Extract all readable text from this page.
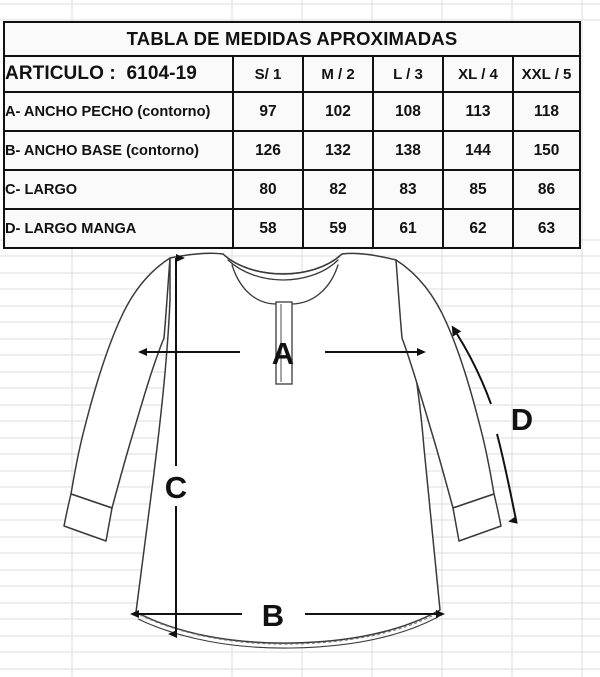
TABLA DE MEDIDAS APROXIMADAS					
ARTICULO :  6104-19	S/ 1	M / 2	L / 3	XL / 4	XXL / 5
A- ANCHO PECHO (contorno)	97	102	108	113	118
B- ANCHO BASE (contorno)	126	132	138	144	150
C- LARGO	80	82	83	85	86
D- LARGO MANGA	58	59	61	62	63
A
C
B
D
